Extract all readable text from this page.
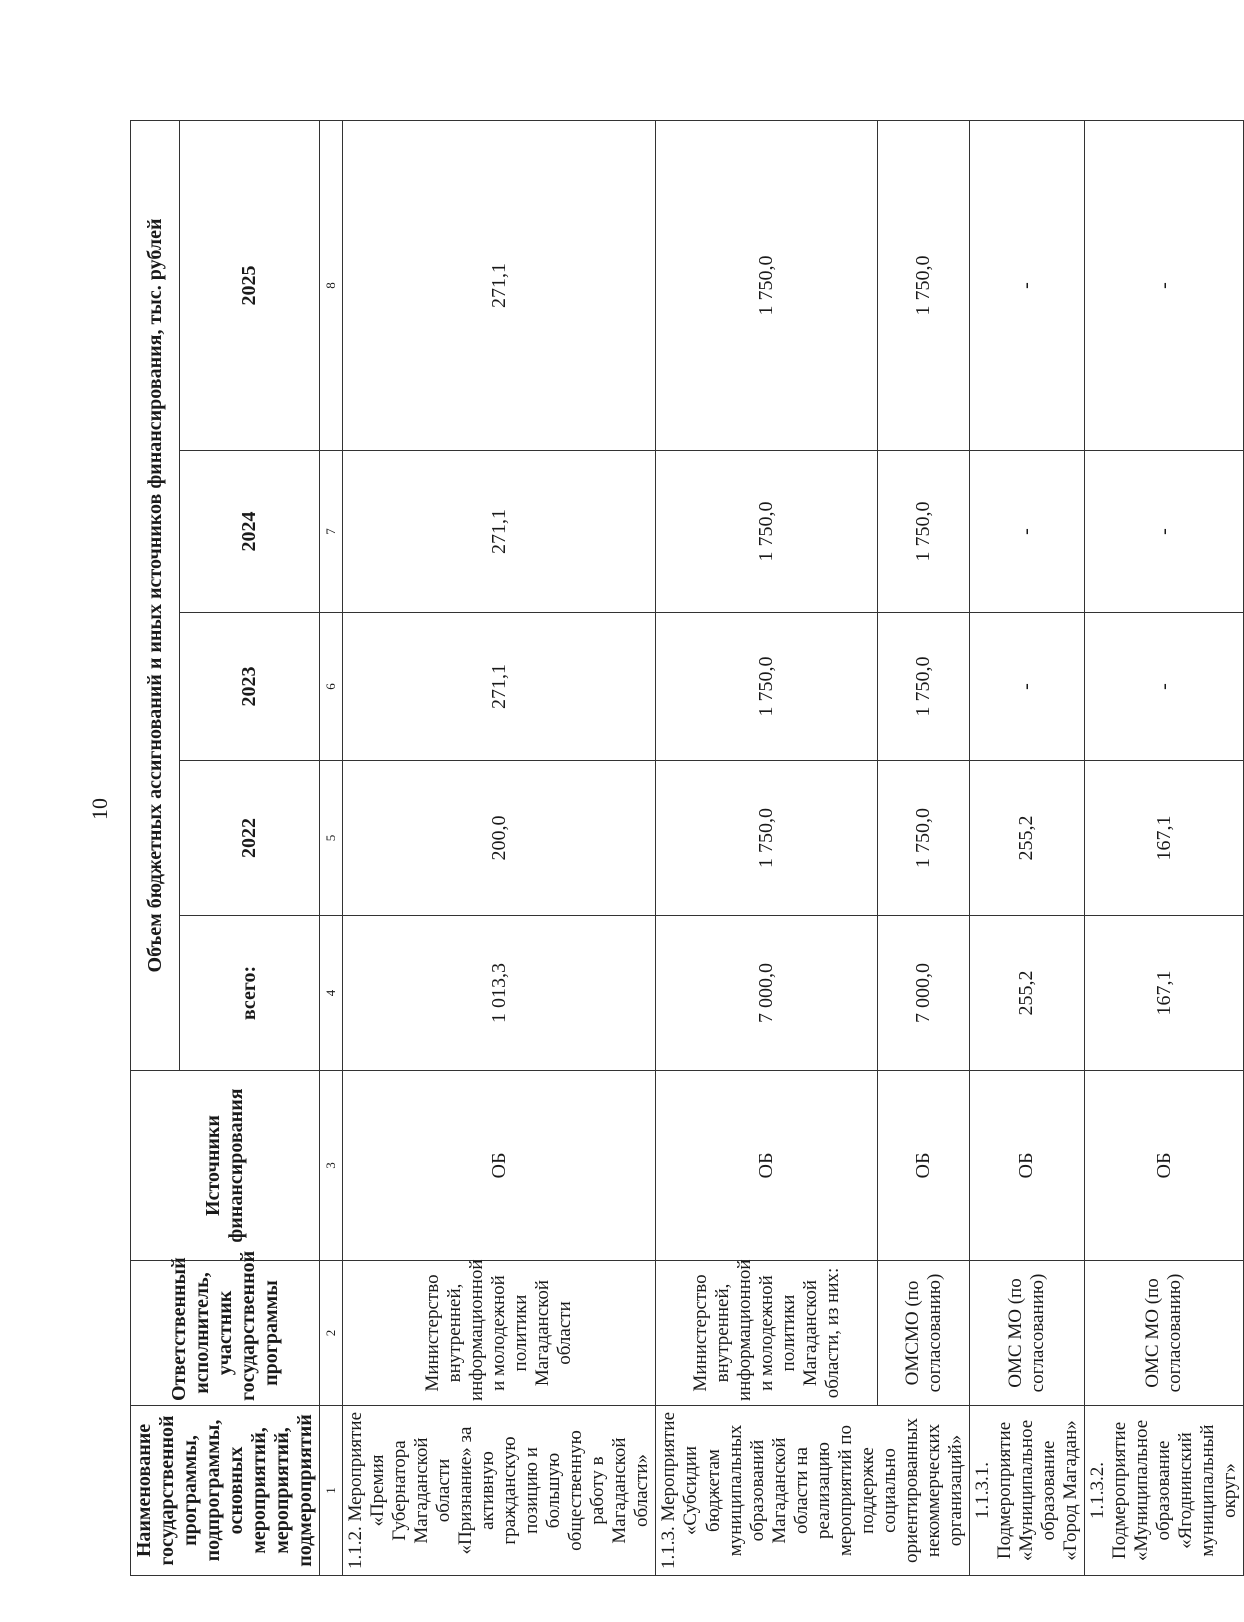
10
Наименование государственной программы, подпрограммы, основных мероприятий, мероприятий, подмероприятий	Ответственный исполнитель, участник государственной программы	Источники финансирования	Объем бюджетных ассигнований и иных источников финансирования, тыс. рублей				
			всего:	2022	2023	2024	2025
1	2	3	4	5	6	7	8
1.1.2. Мероприятие «Премия Губернатора Магаданской области «Признание» за активную гражданскую позицию и большую общественную работу в Магаданской области»	Министерство внутренней, информационной и молодежной политики Магаданской области	ОБ	1 013,3	200,0	271,1	271,1	271,1
1.1.3. Мероприятие «Субсидии бюджетам муниципальных образований Магаданской области на реализацию мероприятий по поддержке социально ориентированных некоммерческих организаций»	Министерство внутренней, информационной и молодежной политики Магаданской области, из них:	ОБ	7 000,0	1 750,0	1 750,0	1 750,0	1 750,0
	ОМСМО (по согласованию)	ОБ	7 000,0	1 750,0	1 750,0	1 750,0	1 750,0
1.1.3.1. Подмероприятие «Муниципальное образование «Город Магадан»	ОМС МО (по согласованию)	ОБ	255,2	255,2	-	-	-
1.1.3.2. Подмероприятие «Муниципальное образование «Ягоднинский муниципальный округ»	ОМС МО (по согласованию)	ОБ	167,1	167,1	-	-	-
